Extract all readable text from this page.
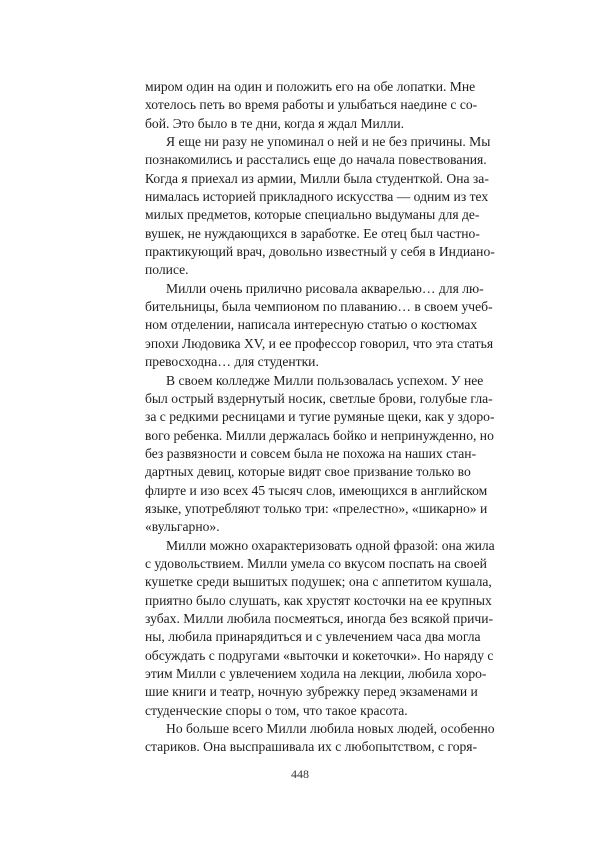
миром один на один и положить его на обе лопатки. Мне
хотелось петь во время работы и улыбаться наедине с со-
бой. Это было в те дни, когда я ждал Милли.
Я еще ни разу не упоминал о ней и не без причины. Мы
познакомились и расстались еще до начала повествования.
Когда я приехал из армии, Милли была студенткой. Она за-
нималась историей прикладного искусства — одним из тех
милых предметов, которые специально выдуманы для де-
вушек, не нуждающихся в заработке. Ее отец был частно-
практикующий врач, довольно известный у себя в Индиано-
полисе.
Милли очень прилично рисовала акварелью… для лю-
бительницы, была чемпионом по плаванию… в своем учеб-
ном отделении, написала интересную статью о костюмах
эпохи Людовика XV, и ее профессор говорил, что эта статья
превосходна… для студентки.
В своем колледже Милли пользовалась успехом. У нее
был острый вздернутый носик, светлые брови, голубые гла-
за с редкими ресницами и тугие румяные щеки, как у здоро-
вого ребенка. Милли держалась бойко и непринужденно, но
без развязности и совсем была не похожа на наших стан-
дартных девиц, которые видят свое призвание только во
флирте и изо всех 45 тысяч слов, имеющихся в английском
языке, употребляют только три: «прелестно», «шикарно» и
«вульгарно».
Милли можно охарактеризовать одной фразой: она жила
с удовольствием. Милли умела со вкусом поспать на своей
кушетке среди вышитых подушек; она с аппетитом кушала,
приятно было слушать, как хрустят косточки на ее крупных
зубах. Милли любила посмеяться, иногда без всякой причи-
ны, любила принарядиться и с увлечением часа два могла
обсуждать с подругами «выточки и кокеточки». Но наряду с
этим Милли с увлечением ходила на лекции, любила хоро-
шие книги и театр, ночную зубрежку перед экзаменами и
студенческие споры о том, что такое красота.
Но больше всего Милли любила новых людей, особенно
стариков. Она выспрашивала их с любопытством, с горя-
448
